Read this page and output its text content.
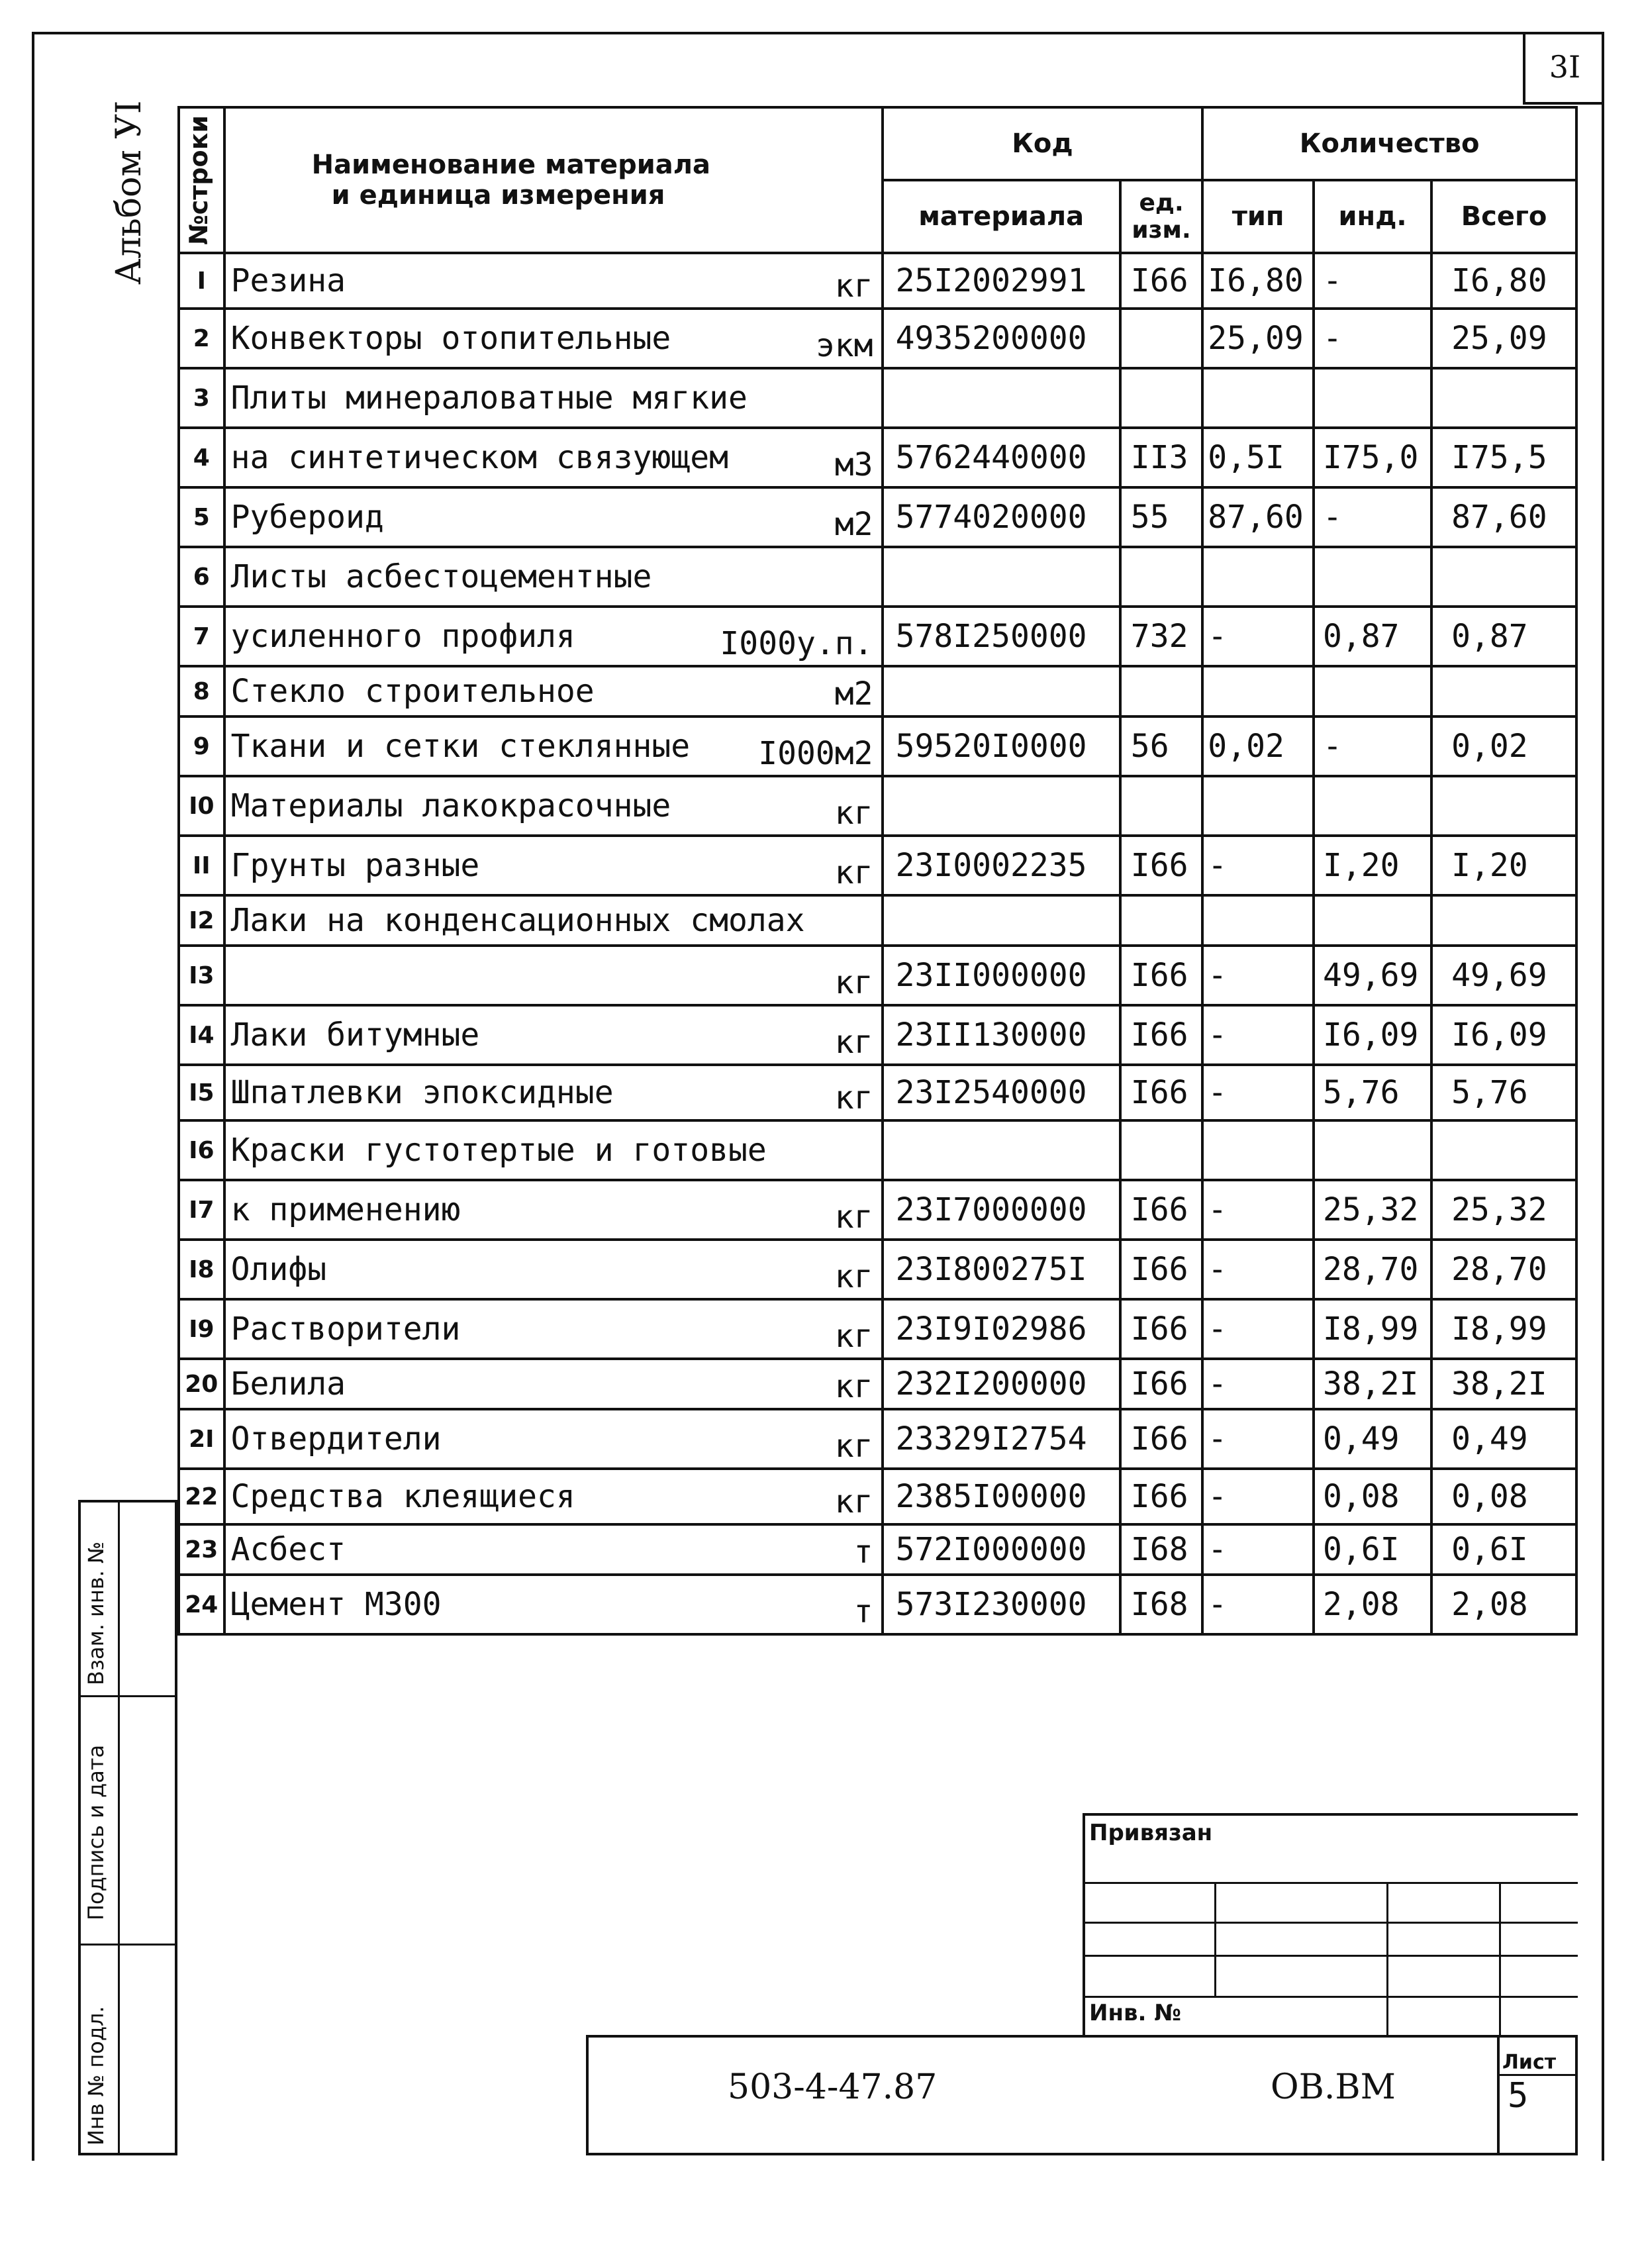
3I
Альбом УI №строки	Наименование материала
и единица измерения	Код		Количество		
		материала	ед. изм.	тип	инд.	Всего
I	Резина кг	25I2002991	I66	I6,80	-	I6,80
2	Конвекторы отопительные экм	4935200000		25,09	-	25,09
3	Плиты минераловатные мягкие

4	на синтетическом связующем м3	5762440000	II3	0,5I	I75,0	I75,5
5	Рубероид м2	5774020000	55	87,60	-	87,60
6	Листы асбестоцементные

7	усиленного профиля I000у.п.	578I250000	732	-	0,87	0,87
8	Стекло строительное м2					

9	Ткани и сетки стеклянные I000м2	59520I0000	56	0,02	-	0,02
I0	Материалы лакокрасочные кг					

II	Грунты разные кг	23I0002235	I66	-	I,20	I,20
I2	Лаки на конденсационных смолах

I3	кг	23II000000	I66	-	49,69	49,69
I4	Лаки битумные кг	23II130000	I66	-	I6,09	I6,09
I5	Шпатлевки эпоксидные кг	23I2540000	I66	-	5,76	5,76
I6	Краски густотертые и готовые

I7	к применению кг	23I7000000	I66	-	25,32	25,32
I8	Олифы кг	23I800275I	I66	-	28,70	28,70
I9	Растворители кг	23I9I02986	I66	-	I8,99	I8,99
20	Белила кг	232I200000	I66	-	38,2I	38,2I
2I	Отвердители кг	23329I2754	I66	-	0,49	0,49
22	Средства клеящиеся кг	2385I00000	I66	-	0,08	0,08
23	Асбест т	572I000000	I68	-	0,6I	0,6I
24	Цемент М300 т	573I230000	I68	-	2,08	2,08
Взам. инв. №
Подпись и дата
Инв № подл.
Привязан
Инв. №
503-4-47.87	ОВ.ВМ
Лист
5
